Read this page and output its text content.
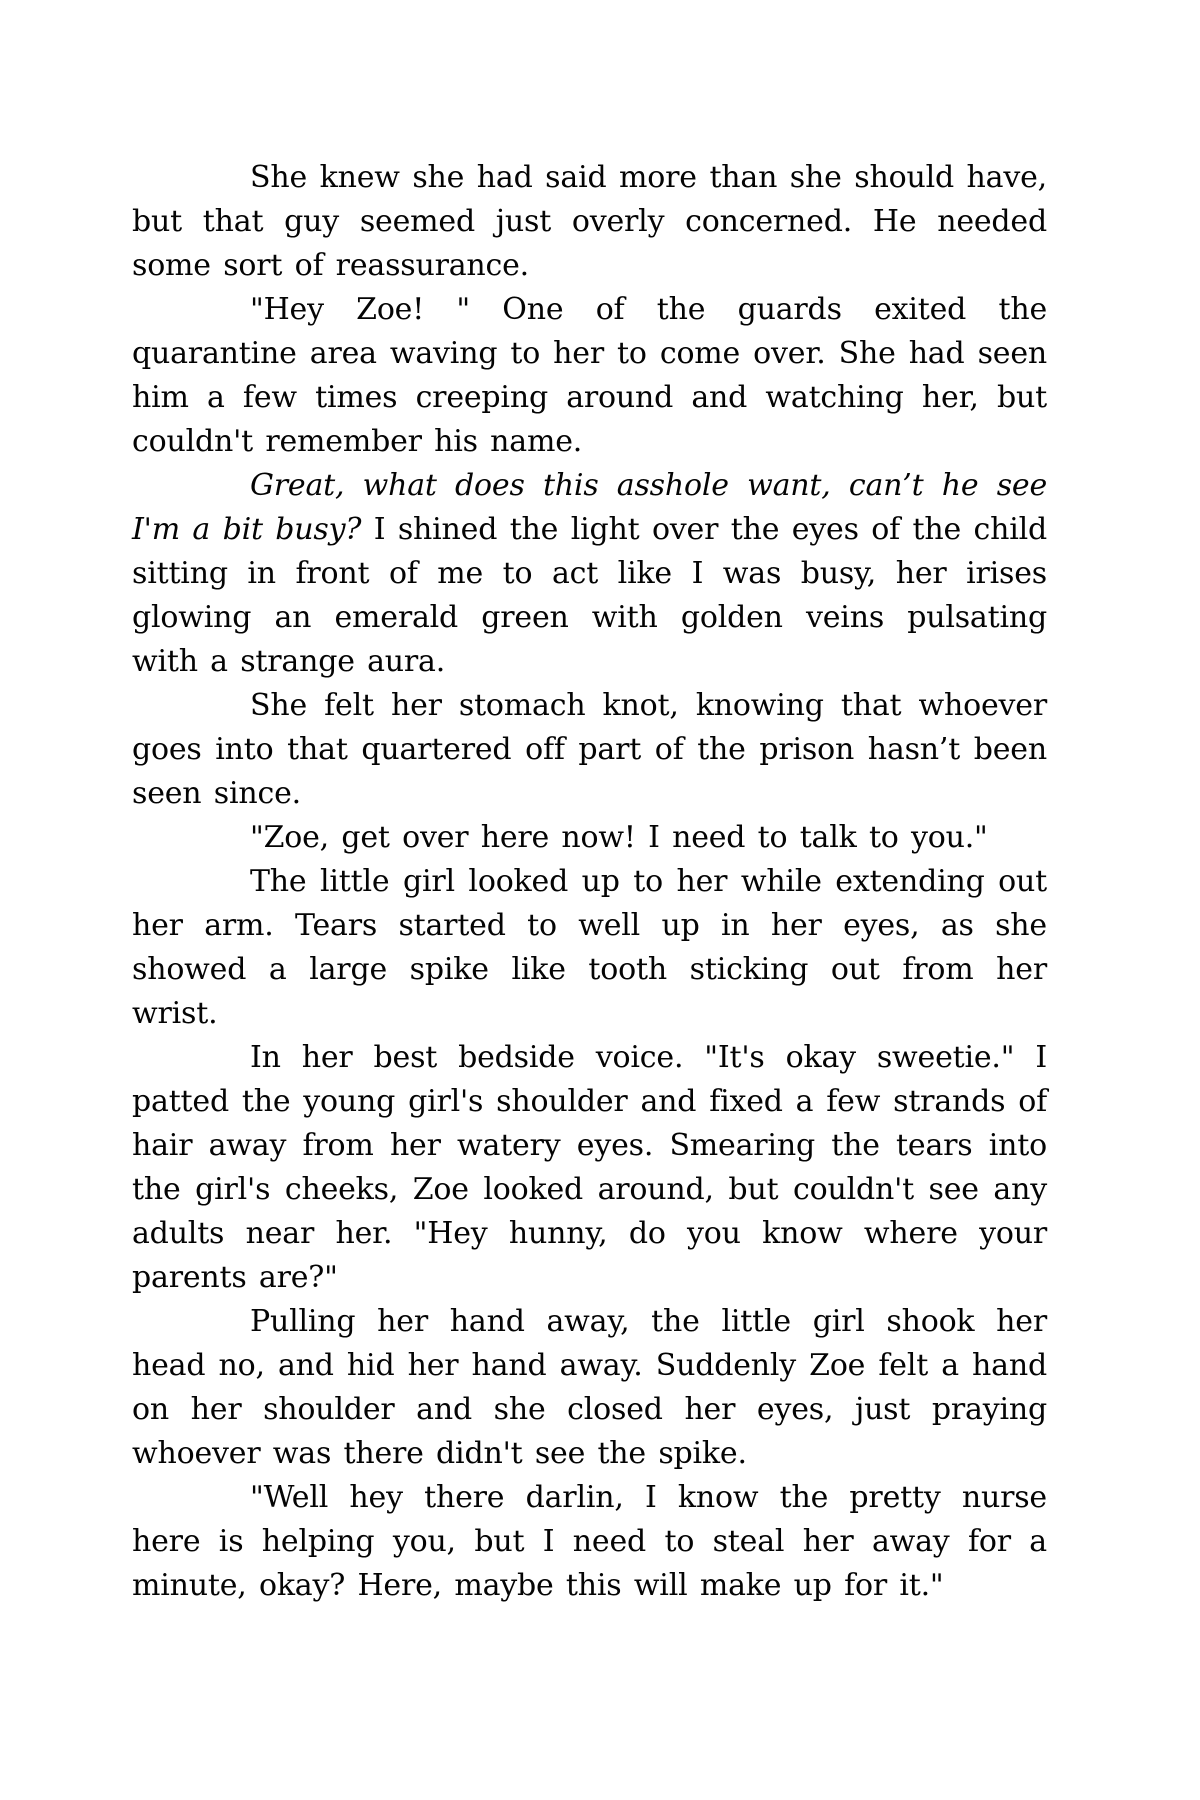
She knew she had said more than she should have, but that guy seemed just overly concerned. He needed some sort of reassurance.

"Hey Zoe! " One of the guards exited the quarantine area waving to her to come over. She had seen him a few times creeping around and watching her, but couldn't remember his name.

Great, what does this asshole want, can’t he see I'm a bit busy? I shined the light over the eyes of the child sitting in front of me to act like I was busy, her irises glowing an emerald green with golden veins pulsating with a strange aura.

She felt her stomach knot, knowing that whoever goes into that quartered off part of the prison hasn’t been seen since.

"Zoe, get over here now! I need to talk to you."

The little girl looked up to her while extending out her arm. Tears started to well up in her eyes, as she showed a large spike like tooth sticking out from her wrist.

In her best bedside voice. "It's okay sweetie." I patted the young girl's shoulder and fixed a few strands of hair away from her watery eyes. Smearing the tears into the girl's cheeks, Zoe looked around, but couldn't see any adults near her. "Hey hunny, do you know where your parents are?"

Pulling her hand away, the little girl shook her head no, and hid her hand away. Suddenly Zoe felt a hand on her shoulder and she closed her eyes, just praying whoever was there didn't see the spike.

"Well hey there darlin, I know the pretty nurse here is helping you, but I need to steal her away for a minute, okay? Here, maybe this will make up for it."
